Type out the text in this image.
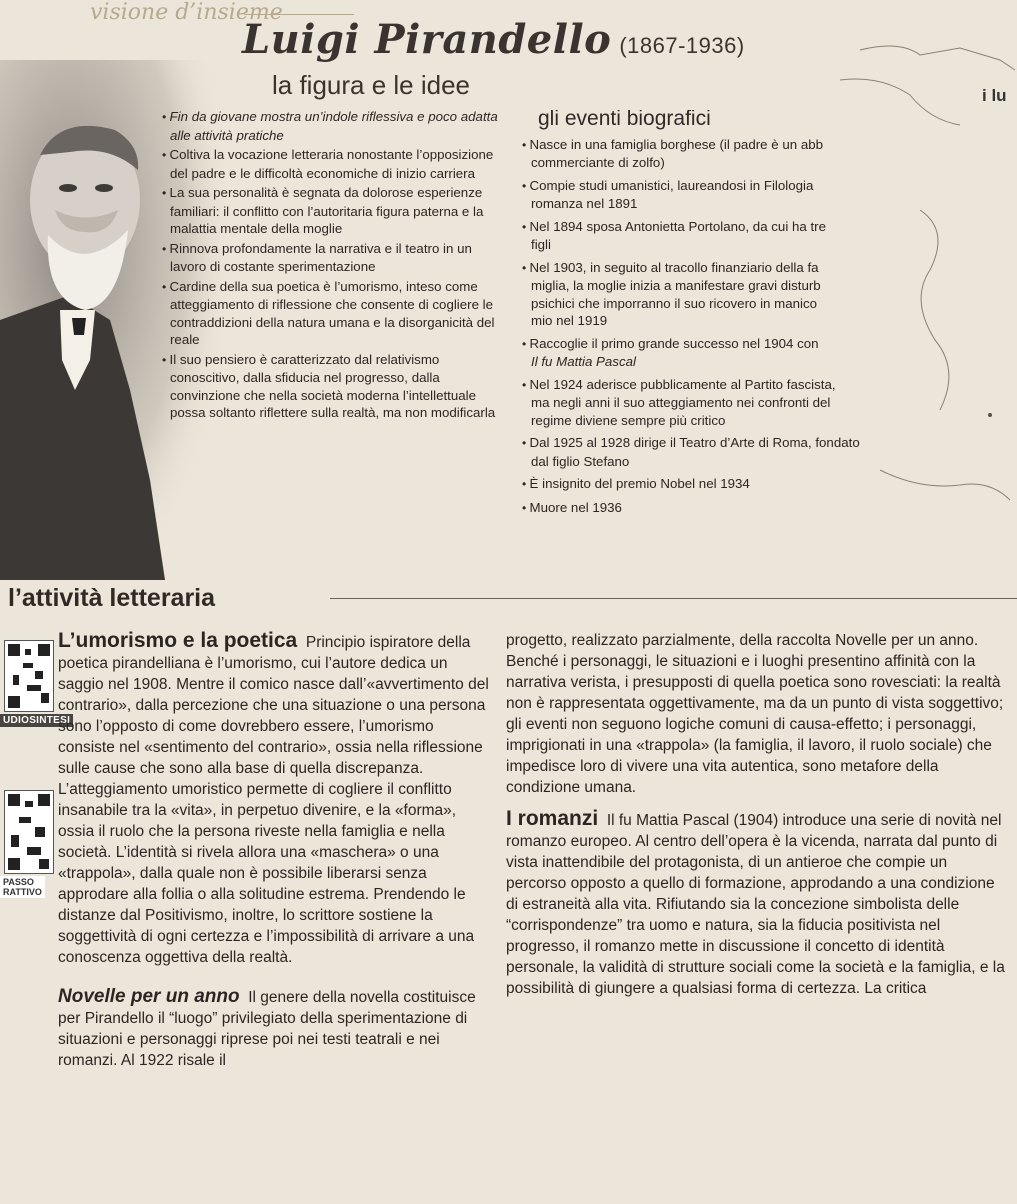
visione d’insieme
Luigi Pirandello (1867-1936)
la figura e le idee	i lu

• Fin da giovane mostra un’indole riflessiva e poco adatta alle attività pratiche

• Coltiva la vocazione letteraria nonostante l’opposizione del padre e le difficoltà economiche di inizio carriera

• La sua personalità è segnata da dolorose esperienze familiari: il conflitto con l’autoritaria figura paterna e la malattia mentale della moglie

• Rinnova profondamente la narrativa e il teatro in un lavoro di costante sperimentazione

• Cardine della sua poetica è l’umorismo, inteso come atteggiamento di riflessione che consente di cogliere le contraddizioni della natura umana e la disorganicità del reale

• Il suo pensiero è caratterizzato dal relativismo conoscitivo, dalla sfiducia nel progresso, dalla convinzione che nella società moderna l’intellettuale possa soltanto riflettere sulla realtà, ma non modificarla

gli eventi biografici

• Nasce in una famiglia borghese (il padre è un abb
commerciante di zolfo)

• Compie studi umanistici, laureandosi in Filologia
romanza nel 1891

• Nel 1894 sposa Antonietta Portolano, da cui ha tre
figli

• Nel 1903, in seguito al tracollo finanziario della fa
miglia, la moglie inizia a manifestare gravi disturb
psichici che imporranno il suo ricovero in manico
mio nel 1919

• Raccoglie il primo grande successo nel 1904 con
Il fu Mattia Pascal

• Nel 1924 aderisce pubblicamente al Partito fascista,
ma negli anni il suo atteggiamento nei confronti del
regime diviene sempre più critico

• Dal 1925 al 1928 dirige il Teatro d’Arte di Roma, fondato
dal figlio Stefano

• È insignito del premio Nobel nel 1934

• Muore nel 1936

l’attività letteraria
UDIOSINTESI
PASSO
RATTIVO

L’umorismo e la poetica Principio ispiratore della poetica pirandelliana è l’umorismo, cui l’autore dedica un saggio nel 1908. Mentre il comico nasce dall’«avvertimento del contrario», dalla percezione che una situazione o una persona sono l’opposto di come dovrebbero essere, l’umorismo consiste nel «sentimento del contrario», ossia nella riflessione sulle cause che sono alla base di quella discrepanza. L’atteggiamento umoristico permette di cogliere il conflitto insanabile tra la «vita», in perpetuo divenire, e la «forma», ossia il ruolo che la persona riveste nella famiglia e nella società. L’identità si rivela allora una «maschera» o una «trappola», dalla quale non è possibile liberarsi senza approdare alla follia o alla solitudine estrema. Prendendo le distanze dal Positivismo, inoltre, lo scrittore sostiene la soggettività di ogni certezza e l’impossibilità di arrivare a una conoscenza oggettiva della realtà.

Novelle per un anno Il genere della novella costituisce per Pirandello il “luogo” privilegiato della sperimentazione di situazioni e personaggi riprese poi nei testi teatrali e nei romanzi. Al 1922 risale il

progetto, realizzato parzialmente, della raccolta Novelle per un anno. Benché i personaggi, le situazioni e i luoghi presentino affinità con la narrativa verista, i presupposti di quella poetica sono rovesciati: la realtà non è rappresentata oggettivamente, ma da un punto di vista soggettivo; gli eventi non seguono logiche comuni di causa-effetto; i personaggi, imprigionati in una «trappola» (la famiglia, il lavoro, il ruolo sociale) che impedisce loro di vivere una vita autentica, sono metafore della condizione umana.

I romanzi Il fu Mattia Pascal (1904) introduce una serie di novità nel romanzo europeo. Al centro dell’opera è la vicenda, narrata dal punto di vista inattendibile del protagonista, di un antieroe che compie un percorso opposto a quello di formazione, approdando a una condizione di estraneità alla vita. Rifiutando sia la concezione simbolista delle “corrispondenze” tra uomo e natura, sia la fiducia positivista nel progresso, il romanzo mette in discussione il concetto di identità personale, la validità di strutture sociali come la società e la famiglia, e la possibilità di giungere a qualsiasi forma di certezza. La critica
